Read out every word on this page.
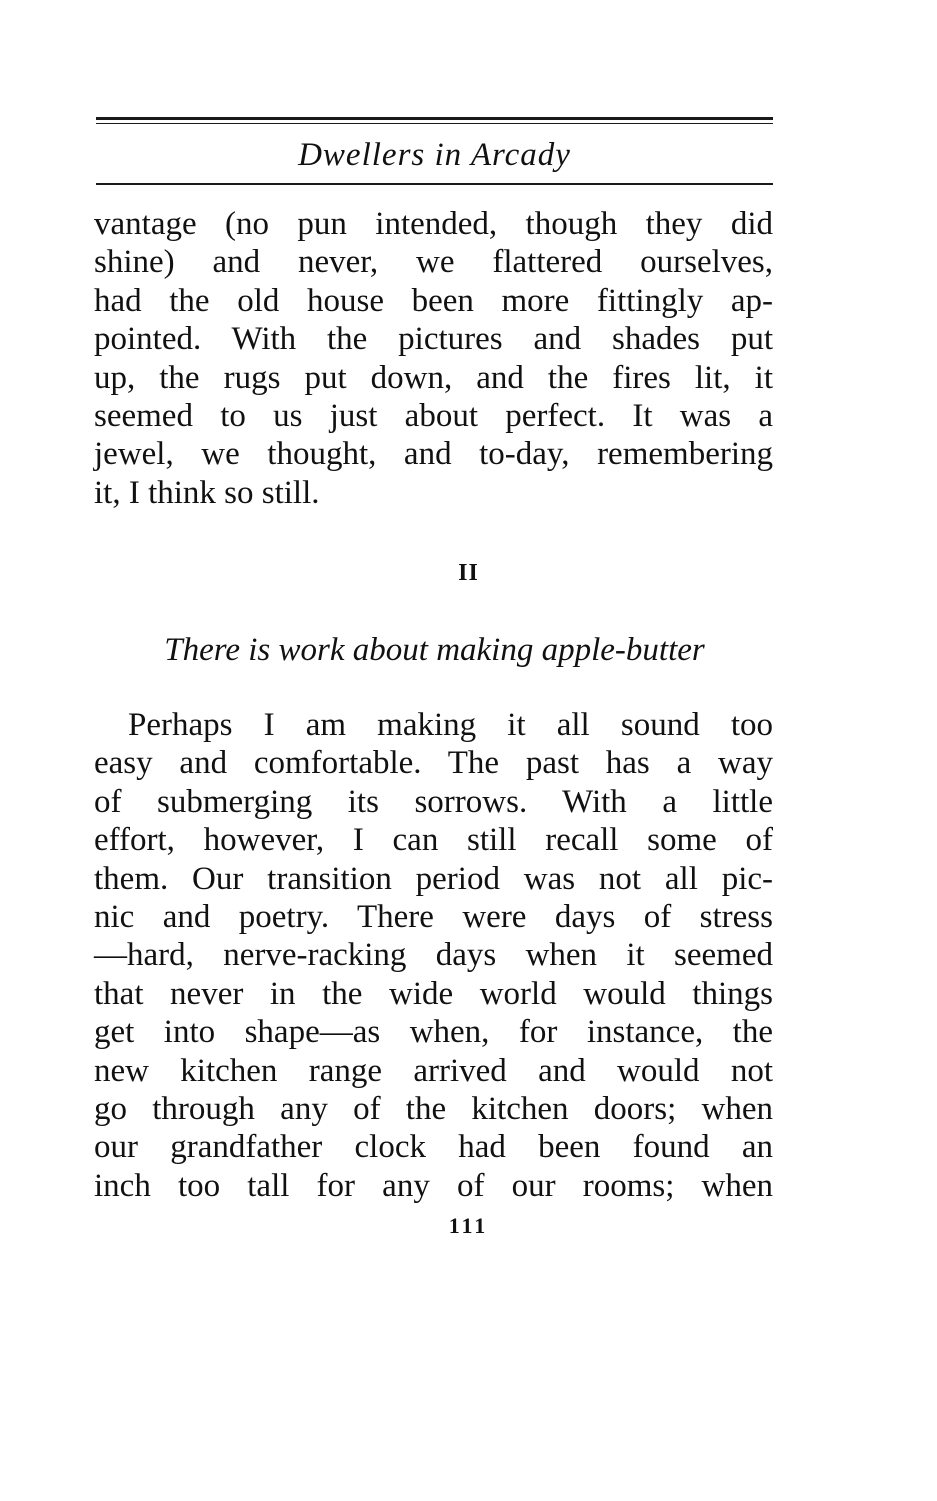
Dwellers in Arcady
vantage (no pun intended, though they did
shine) and never, we flattered ourselves,
had the old house been more fittingly ap-
pointed. With the pictures and shades put
up, the rugs put down, and the fires lit, it
seemed to us just about perfect. It was a
jewel, we thought, and to-day, remembering
it, I think so still.
II
There is work about making apple-butter
Perhaps I am making it all sound too
easy and comfortable. The past has a way
of submerging its sorrows. With a little
effort, however, I can still recall some of
them. Our transition period was not all pic-
nic and poetry. There were days of stress
—hard, nerve-racking days when it seemed
that never in the wide world would things
get into shape—as when, for instance, the
new kitchen range arrived and would not
go through any of the kitchen doors; when
our grandfather clock had been found an
inch too tall for any of our rooms; when
111
